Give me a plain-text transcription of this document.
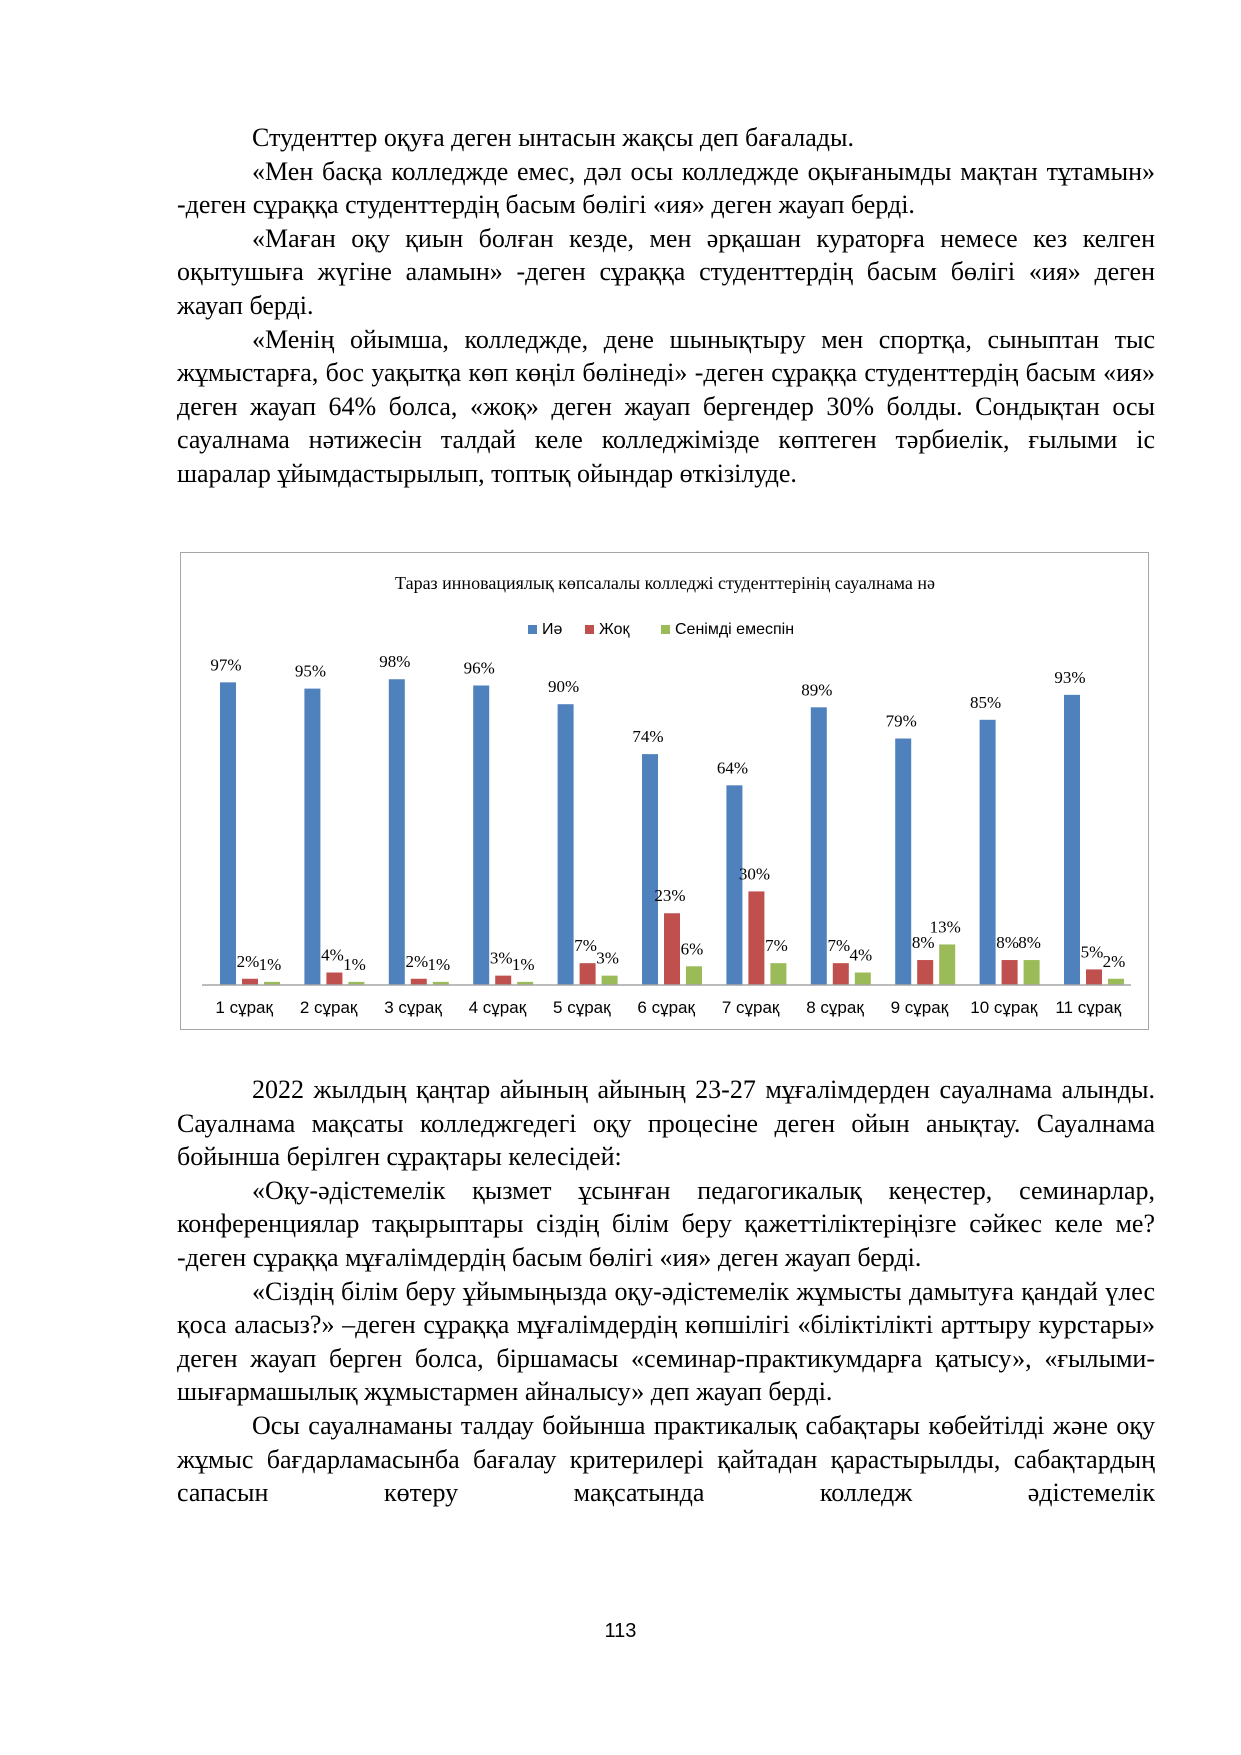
Студенттер оқуға деген ынтасын жақсы деп бағалады.

«Мен басқа колледжде емес, дәл осы колледжде оқығанымды мақтан тұтамын» -деген сұраққа студенттердің басым бөлігі «ия» деген жауап берді.

«Маған оқу қиын болған кезде, мен әрқашан кураторға немесе кез келген оқытушыға жүгіне аламын» -деген сұраққа студенттердің басым бөлігі «ия» деген жауап берді.

«Менің ойымша, колледжде, дене шынықтыру мен спортқа, сыныптан тыс жұмыстарға, бос уақытқа көп көңіл бөлінеді» -деген сұраққа студенттердің басым «ия» деген жауап 64% болса, «жоқ» деген жауап бергендер 30% болды. Сондықтан осы сауалнама нәтижесін талдай келе колледжімізде көптеген тәрбиелік, ғылыми іс шаралар ұйымдастырылып, топтық ойындар өткізілуде.

Тараз инновациялық көпсалалы колледжі студенттерінің сауалнама нә
Иә Жоқ	Сенімді емеспін
97%
2% 1%
95%
4% 1%
98%
2% 1%
96%
3% 1%
90%
7%
3%
74%
23%
6%
64%
30%
7%
89%
7% 4%
79%
8%
13%
85%
8% 8%
93%
5% 2%
1 сұрақ 2 сұрақ 3 сұрақ 4 сұрақ 5 сұрақ 6 сұрақ 7 сұрақ 8 сұрақ 9 сұрақ 10 сұрақ 11 сұрақ

2022 жылдың қаңтар айының айының 23-27 мұғалімдерден сауалнама алынды. Сауалнама мақсаты колледжгедегі оқу процесіне деген ойын анықтау. Сауалнама бойынша берілген сұрақтары келесідей:

«Оқу-әдістемелік қызмет ұсынған педагогикалық кеңестер, семинарлар, конференциялар тақырыптары сіздің білім беру қажеттіліктеріңізге сәйкес келе ме? -деген сұраққа мұғалімдердің басым бөлігі «ия» деген жауап берді.

«Сіздің білім беру ұйымыңызда оқу-әдістемелік жұмысты дамытуға қандай үлес қоса аласыз?» –деген сұраққа мұғалімдердің көпшілігі «біліктілікті арттыру курстары» деген жауап берген болса, біршамасы «семинар-практикумдарға қатысу», «ғылыми-шығармашылық жұмыстармен айналысу» деп жауап берді.

Осы сауалнаманы талдау бойынша практикалық сабақтары көбейтілді және оқу жұмыс бағдарламасынба бағалау критерилері қайтадан қарастырылды, сабақтардың сапасын көтеру мақсатында колледж әдістемелік

113
